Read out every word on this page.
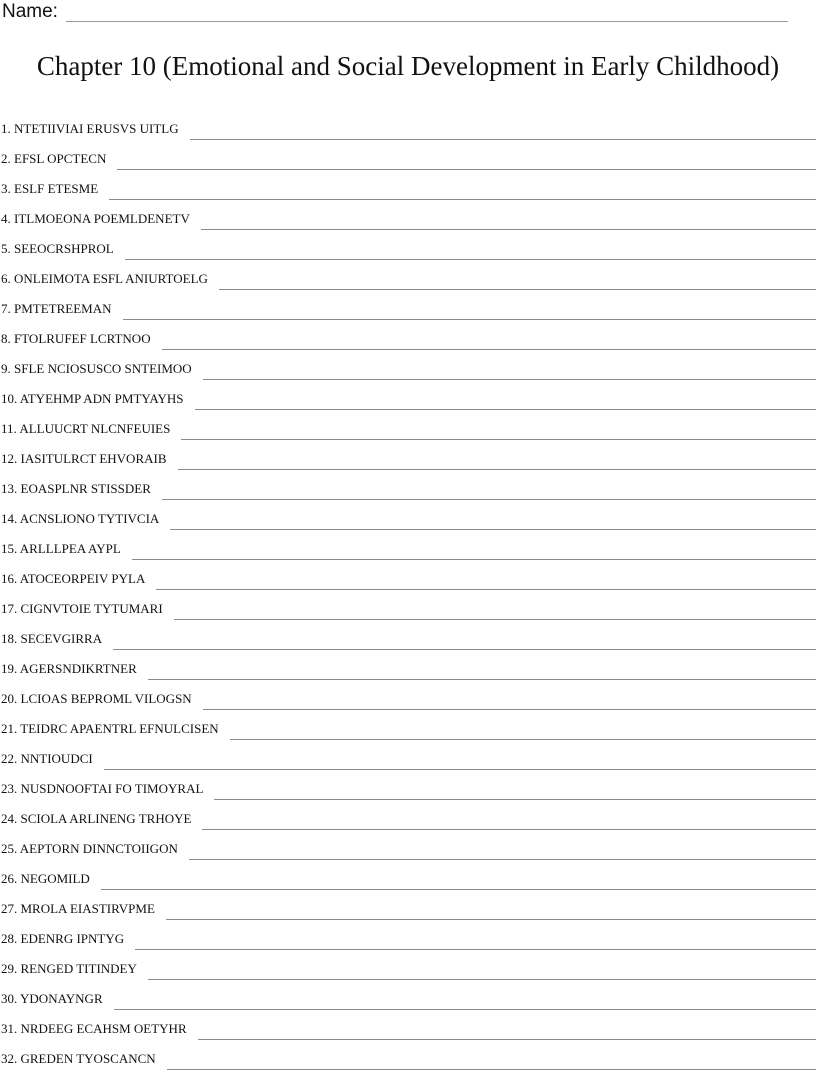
Name:
Chapter 10 (Emotional and Social Development in Early Childhood)
1. NTETIIVIAI ERUSVS UITLG
2. EFSL OPCTECN
3. ESLF ETESME
4. ITLMOEONA POEMLDENETV
5. SEEOCRSHPROL
6. ONLEIMOTA ESFL ANIURTOELG
7. PMTETREEMAN
8. FTOLRUFEF LCRTNOO
9. SFLE NCIOSUSCO SNTEIMOO
10. ATYEHMP ADN PMTYAYHS
11. ALLUUCRT NLCNFEUIES
12. IASITULRCT EHVORAIB
13. EOASPLNR STISSDER
14. ACNSLIONO TYTIVCIA
15. ARLLLPEA AYPL
16. ATOCEORPEIV PYLA
17. CIGNVTOIE TYTUMARI
18. SECEVGIRRA
19. AGERSNDIKRTNER
20. LCIOAS BEPROML VILOGSN
21. TEIDRC APAENTRL EFNULCISEN
22. NNTIOUDCI
23. NUSDNOOFTAI FO TIMOYRAL
24. SCIOLA ARLINENG TRHOYE
25. AEPTORN DINNCTOIIGON
26. NEGOMILD
27. MROLA EIASTIRVPME
28. EDENRG IPNTYG
29. RENGED TITINDEY
30. YDONAYNGR
31. NRDEEG ECAHSM OETYHR
32. GREDEN TYOSCANCN
